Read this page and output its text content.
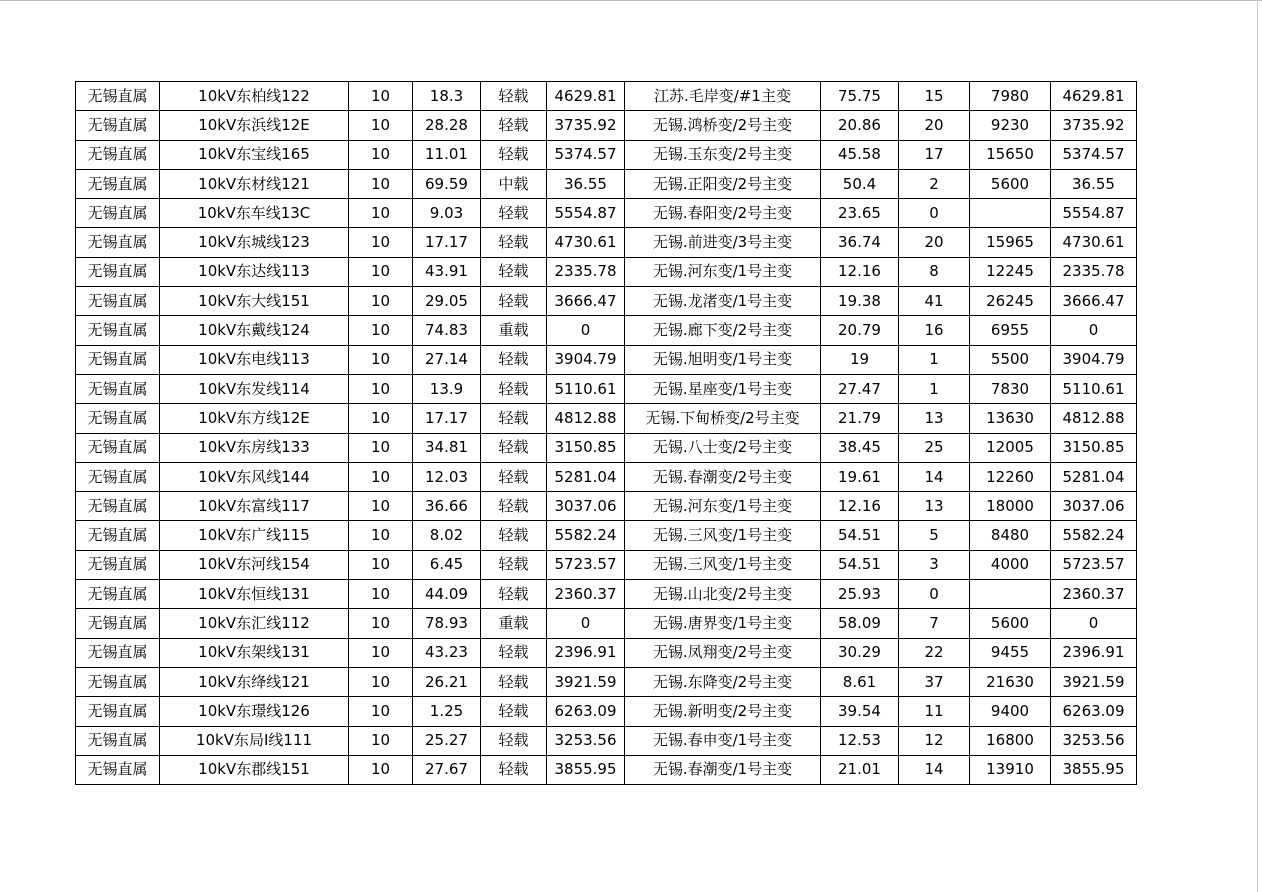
无锡直属	10kV东柏线122	10	18.3	轻载	4629.81	江苏.毛岸变/#1主变	75.75	15	7980	4629.81
无锡直属	10kV东浜线12E	10	28.28	轻载	3735.92	无锡.鸿桥变/2号主变	20.86	20	9230	3735.92
无锡直属	10kV东宝线165	10	11.01	轻载	5374.57	无锡.玉东变/2号主变	45.58	17	15650	5374.57
无锡直属	10kV东材线121	10	69.59	中载	36.55	无锡.正阳变/2号主变	50.4	2	5600	36.55
无锡直属	10kV东车线13C	10	9.03	轻载	5554.87	无锡.春阳变/2号主变	23.65	0		5554.87
无锡直属	10kV东城线123	10	17.17	轻载	4730.61	无锡.前进变/3号主变	36.74	20	15965	4730.61
无锡直属	10kV东达线113	10	43.91	轻载	2335.78	无锡.河东变/1号主变	12.16	8	12245	2335.78
无锡直属	10kV东大线151	10	29.05	轻载	3666.47	无锡.龙渚变/1号主变	19.38	41	26245	3666.47
无锡直属	10kV东戴线124	10	74.83	重载	0	无锡.廊下变/2号主变	20.79	16	6955	0
无锡直属	10kV东电线113	10	27.14	轻载	3904.79	无锡.旭明变/1号主变	19	1	5500	3904.79
无锡直属	10kV东发线114	10	13.9	轻载	5110.61	无锡.星座变/1号主变	27.47	1	7830	5110.61
无锡直属	10kV东方线12E	10	17.17	轻载	4812.88	无锡.下甸桥变/2号主变	21.79	13	13630	4812.88
无锡直属	10kV东房线133	10	34.81	轻载	3150.85	无锡.八士变/2号主变	38.45	25	12005	3150.85
无锡直属	10kV东风线144	10	12.03	轻载	5281.04	无锡.春潮变/2号主变	19.61	14	12260	5281.04
无锡直属	10kV东富线117	10	36.66	轻载	3037.06	无锡.河东变/1号主变	12.16	13	18000	3037.06
无锡直属	10kV东广线115	10	8.02	轻载	5582.24	无锡.三风变/1号主变	54.51	5	8480	5582.24
无锡直属	10kV东河线154	10	6.45	轻载	5723.57	无锡.三风变/1号主变	54.51	3	4000	5723.57
无锡直属	10kV东恒线131	10	44.09	轻载	2360.37	无锡.山北变/2号主变	25.93	0		2360.37
无锡直属	10kV东汇线112	10	78.93	重载	0	无锡.唐界变/1号主变	58.09	7	5600	0
无锡直属	10kV东架线131	10	43.23	轻载	2396.91	无锡.凤翔变/2号主变	30.29	22	9455	2396.91
无锡直属	10kV东绛线121	10	26.21	轻载	3921.59	无锡.东降变/2号主变	8.61	37	21630	3921.59
无锡直属	10kV东璟线126	10	1.25	轻载	6263.09	无锡.新明变/2号主变	39.54	11	9400	6263.09
无锡直属	10kV东局Ⅰ线111	10	25.27	轻载	3253.56	无锡.春申变/1号主变	12.53	12	16800	3253.56
无锡直属	10kV东郡线151	10	27.67	轻载	3855.95	无锡.春潮变/1号主变	21.01	14	13910	3855.95
